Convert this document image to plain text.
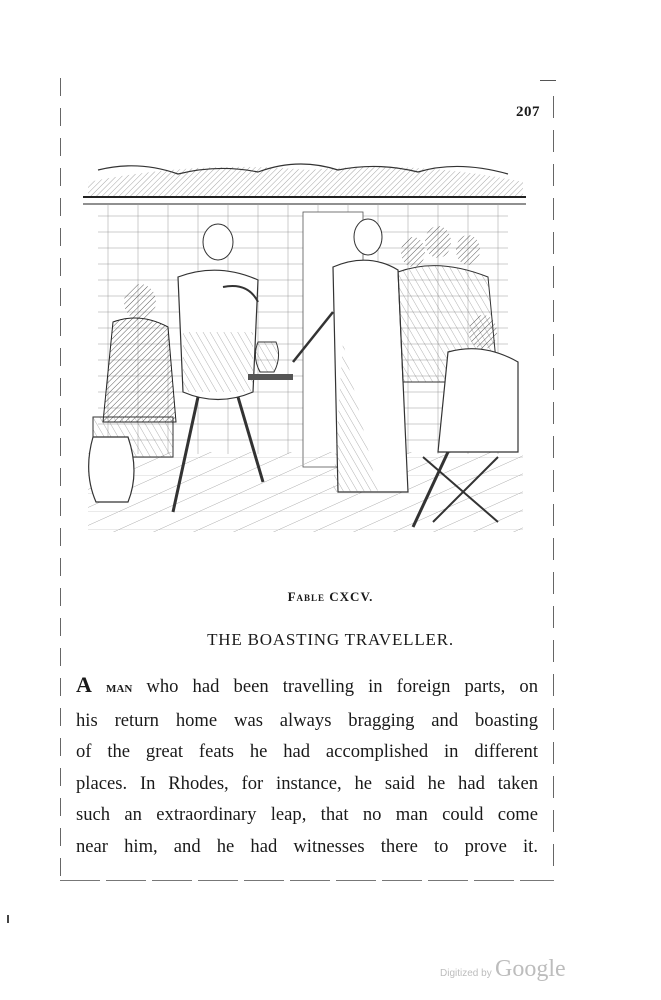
207
Fable CXCV.
THE BOASTING TRAVELLER.
A man who had been travelling in foreign parts, on
his return home was always bragging and boasting
of the great feats he had accomplished in different
places. In Rhodes, for instance, he said he had taken
such an extraordinary leap, that no man could come
near him, and he had witnesses there to prove it.
Digitized by Google
